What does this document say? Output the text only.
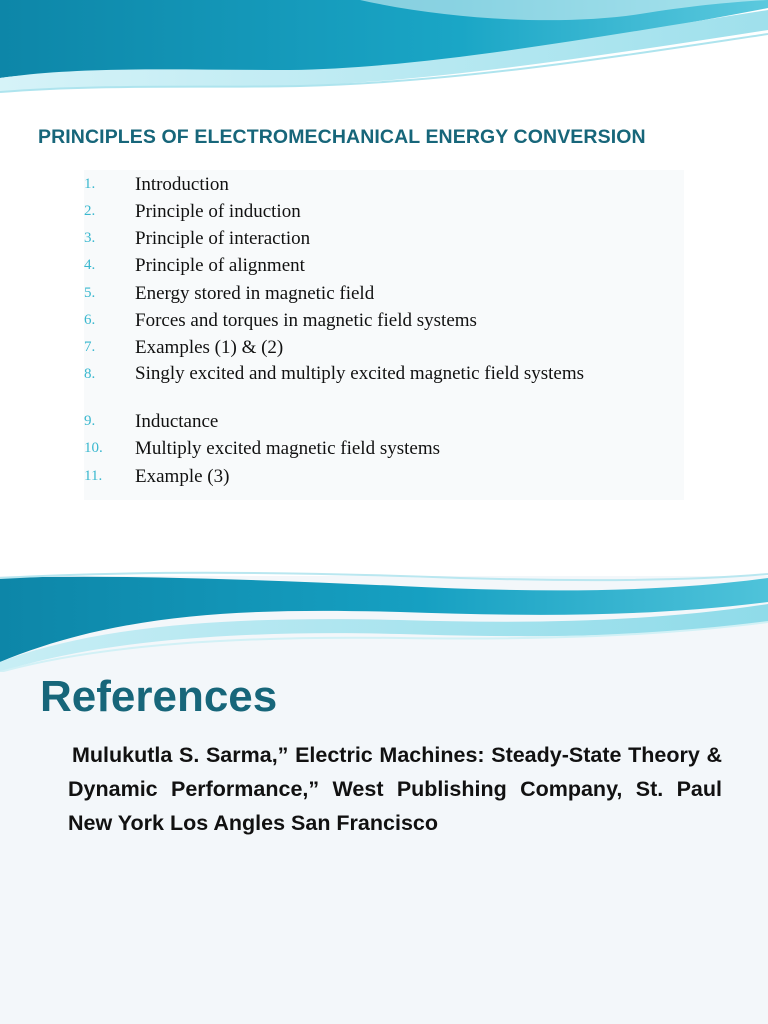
PRINCIPLES OF ELECTROMECHANICAL ENERGY CONVERSION
1.	Introduction
2.	Principle of induction
3.	Principle of interaction
4.	Principle of alignment
5.	Energy stored in magnetic field
6.	Forces and torques in magnetic field systems
7.	Examples (1) & (2)
8.	Singly excited and multiply excited magnetic field systems
9.	Inductance
10.	Multiply excited magnetic field systems
11.	Example (3)
References

Mulukutla S. Sarma,” Electric Machines: Steady-State Theory & Dynamic Performance,” West Publishing Company, St. Paul New York Los Angles San Francisco
